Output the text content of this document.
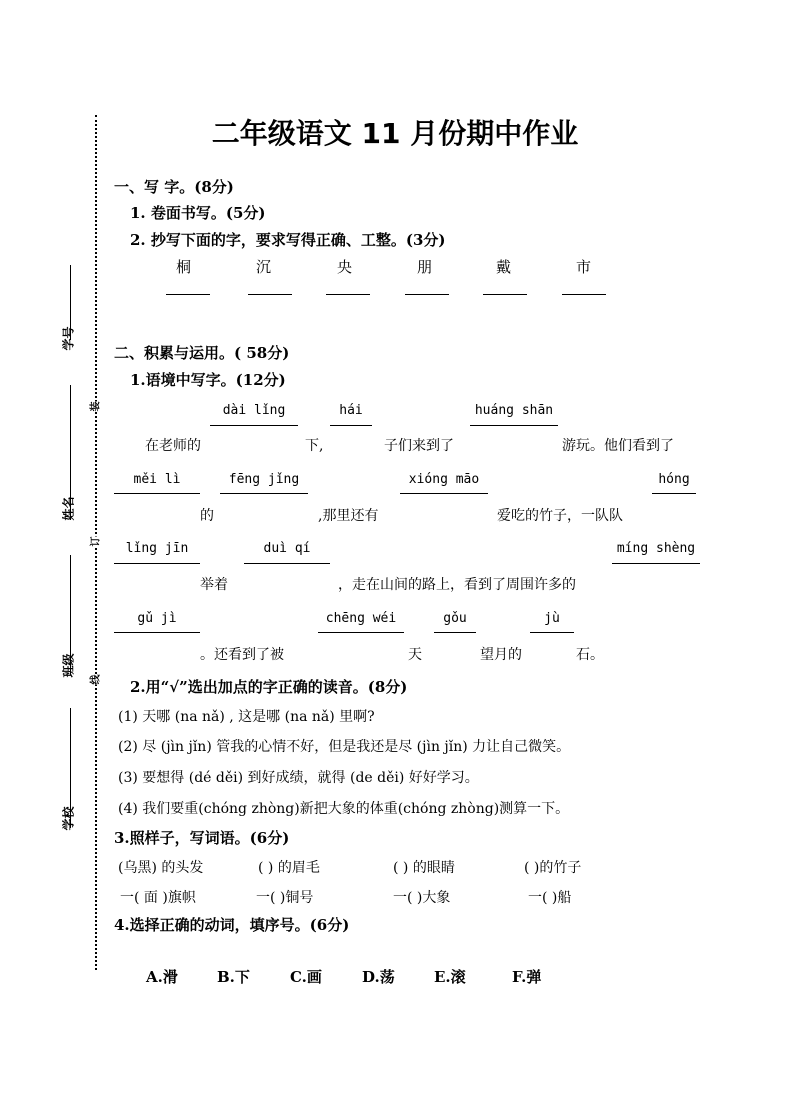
学号
姓名
班级
学校
装
订
线
二年级语文 11 月份期中作业
一、写 字。(8分)
1. 卷面书写。(5分)
2. 抄写下面的字，要求写得正确、工整。(3分)
桐	沉	央	朋	戴	市
二、积累与运用。( 58分)
1.语境中写字。(12分)
dài lǐng	hái	huáng shān
在老师的	下,	子们来到了	游玩。他们看到了
měi lì	fēng jǐng	xióng māo	hóng
的	,那里还有	爱吃的竹子，一队队
lǐng jīn	duì qí	míng shèng
举着	，走在山间的路上，看到了周围许多的
gǔ jì	chēng wéi	gǒu	jù
。还看到了被	天	望月的	石。
2.用“√”选出加点的字正确的读音。(8分)
(1) 天哪 (na nǎ) , 这是哪 (na nǎ) 里啊?
(2) 尽 (jìn jǐn) 管我的心情不好，但是我还是尽 (jìn jǐn) 力让自己微笑。
(3) 要想得 (dé děi) 到好成绩，就得 (de děi) 好好学习。
(4) 我们要重(chóng zhòng)新把大象的体重(chóng zhòng)测算一下。
3.照样子，写词语。(6分)
(乌黑) 的头发	( ) 的眉毛	( ) 的眼睛	( )的竹子
一( 面 )旗帜	一( )铜号	一( )大象	一( )船
4.选择正确的动词，填序号。(6分)
A.滑	B.下	C.画	D.荡	E.滚	F.弹
